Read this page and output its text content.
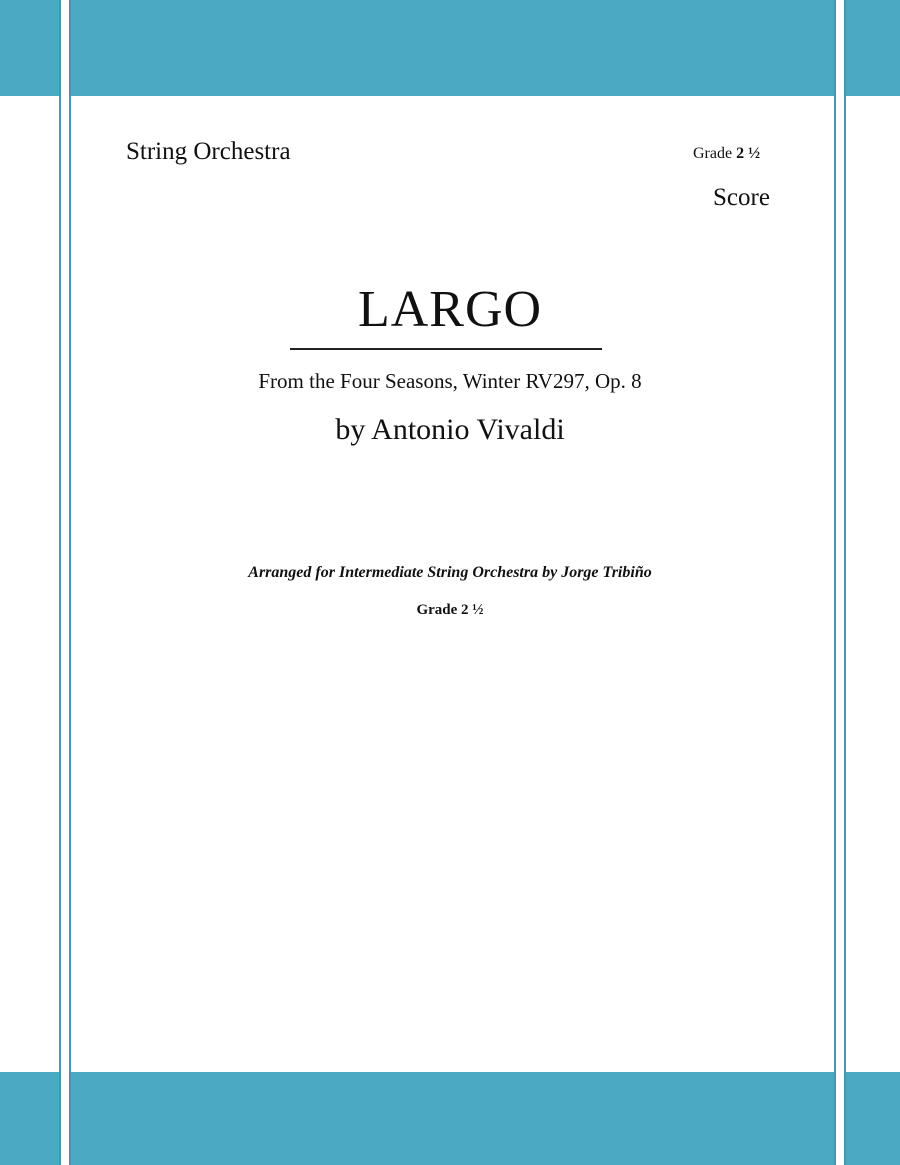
String Orchestra	Grade 2 ½
Score
LARGO
From the Four Seasons, Winter RV297, Op. 8
by Antonio Vivaldi
Arranged for Intermediate String Orchestra by Jorge Tribiño
Grade 2 ½
